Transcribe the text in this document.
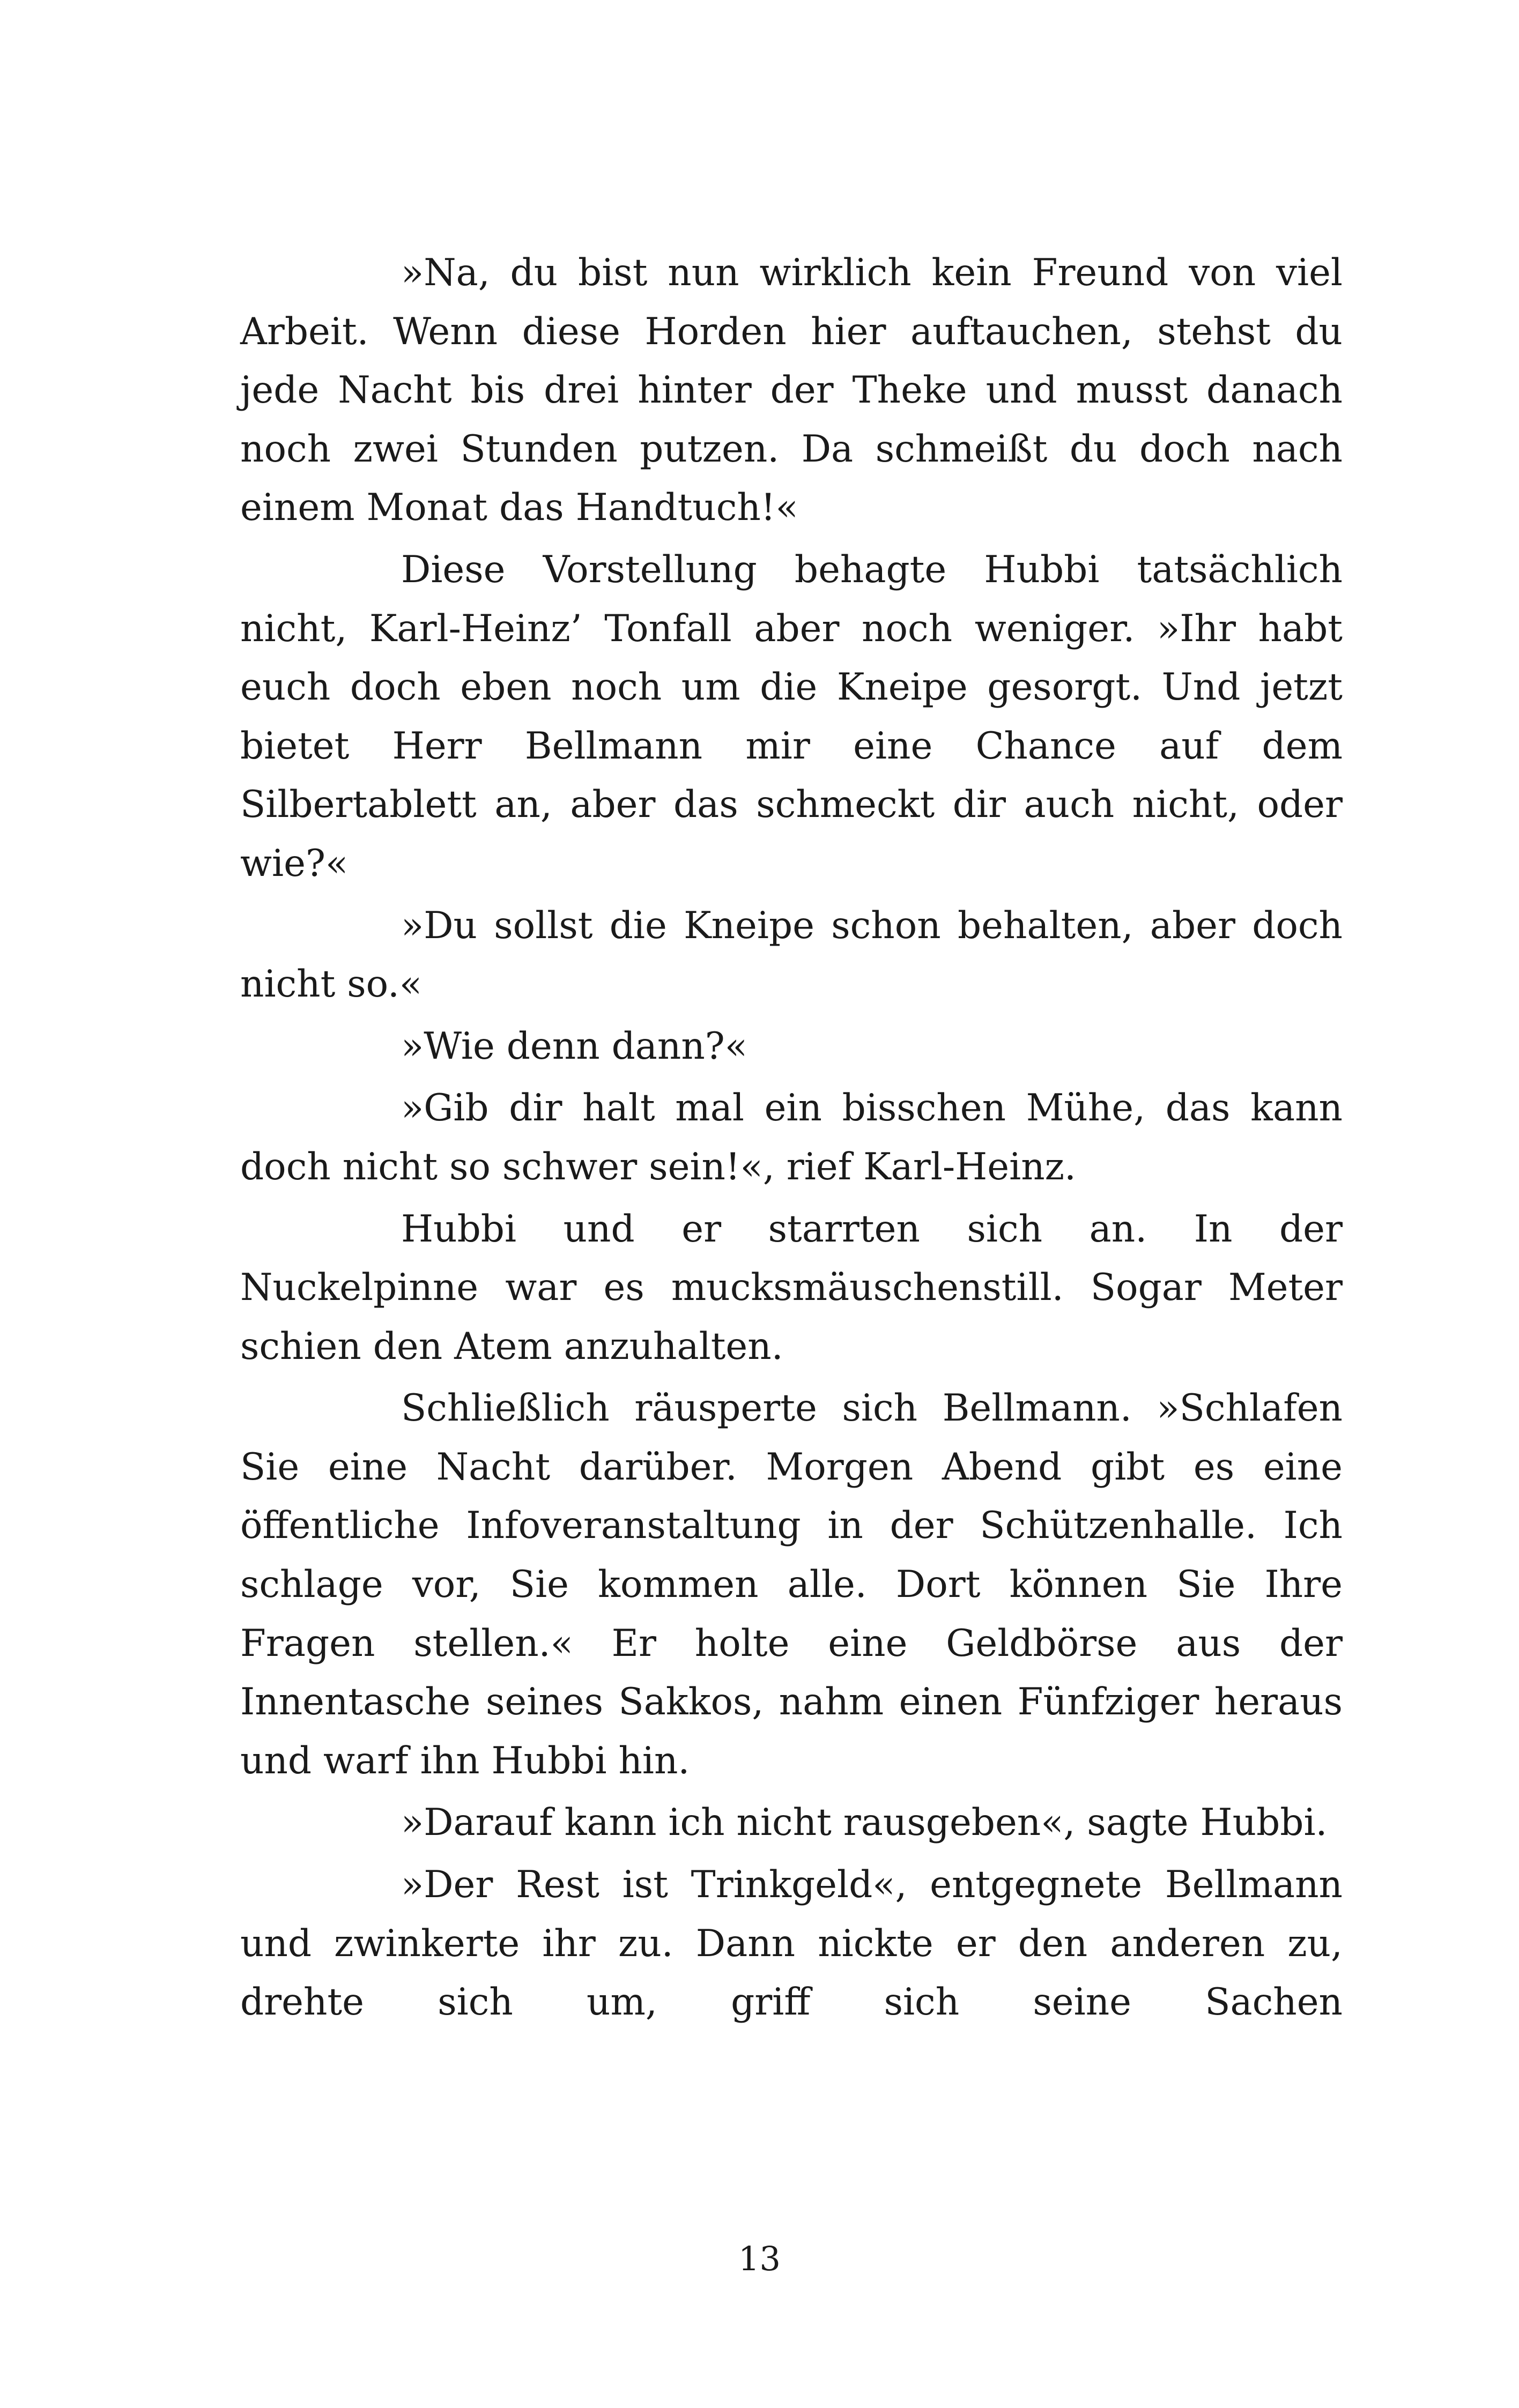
»Na, du bist nun wirklich kein Freund von viel Arbeit. Wenn diese Horden hier auftauchen, stehst du jede Nacht bis drei hinter der Theke und musst danach noch zwei Stunden putzen. Da schmeißt du doch nach einem Monat das Handtuch!«

Diese Vorstellung behagte Hubbi tatsächlich nicht, Karl-Heinz’ Tonfall aber noch weniger. »Ihr habt euch doch eben noch um die Kneipe gesorgt. Und jetzt bietet Herr Bellmann mir eine Chance auf dem Silbertablett an, aber das schmeckt dir auch nicht, oder wie?«

»Du sollst die Kneipe schon behalten, aber doch nicht so.«

»Wie denn dann?«

»Gib dir halt mal ein bisschen Mühe, das kann doch nicht so schwer sein!«, rief Karl-Heinz.

Hubbi und er starrten sich an. In der Nuckelpinne war es mucksmäuschenstill. Sogar Meter schien den Atem anzuhalten.

Schließlich räusperte sich Bellmann. »Schlafen Sie eine Nacht darüber. Morgen Abend gibt es eine öffentliche Infoveranstaltung in der Schützenhalle. Ich schlage vor, Sie kommen alle. Dort können Sie Ihre Fragen stellen.« Er holte eine Geldbörse aus der Innentasche seines Sakkos, nahm einen Fünfziger heraus und warf ihn Hubbi hin.

»Darauf kann ich nicht rausgeben«, sagte Hubbi.

»Der Rest ist Trinkgeld«, entgegnete Bellmann und zwinkerte ihr zu. Dann nickte er den anderen zu, drehte sich um, griff sich seine Sachen

13
